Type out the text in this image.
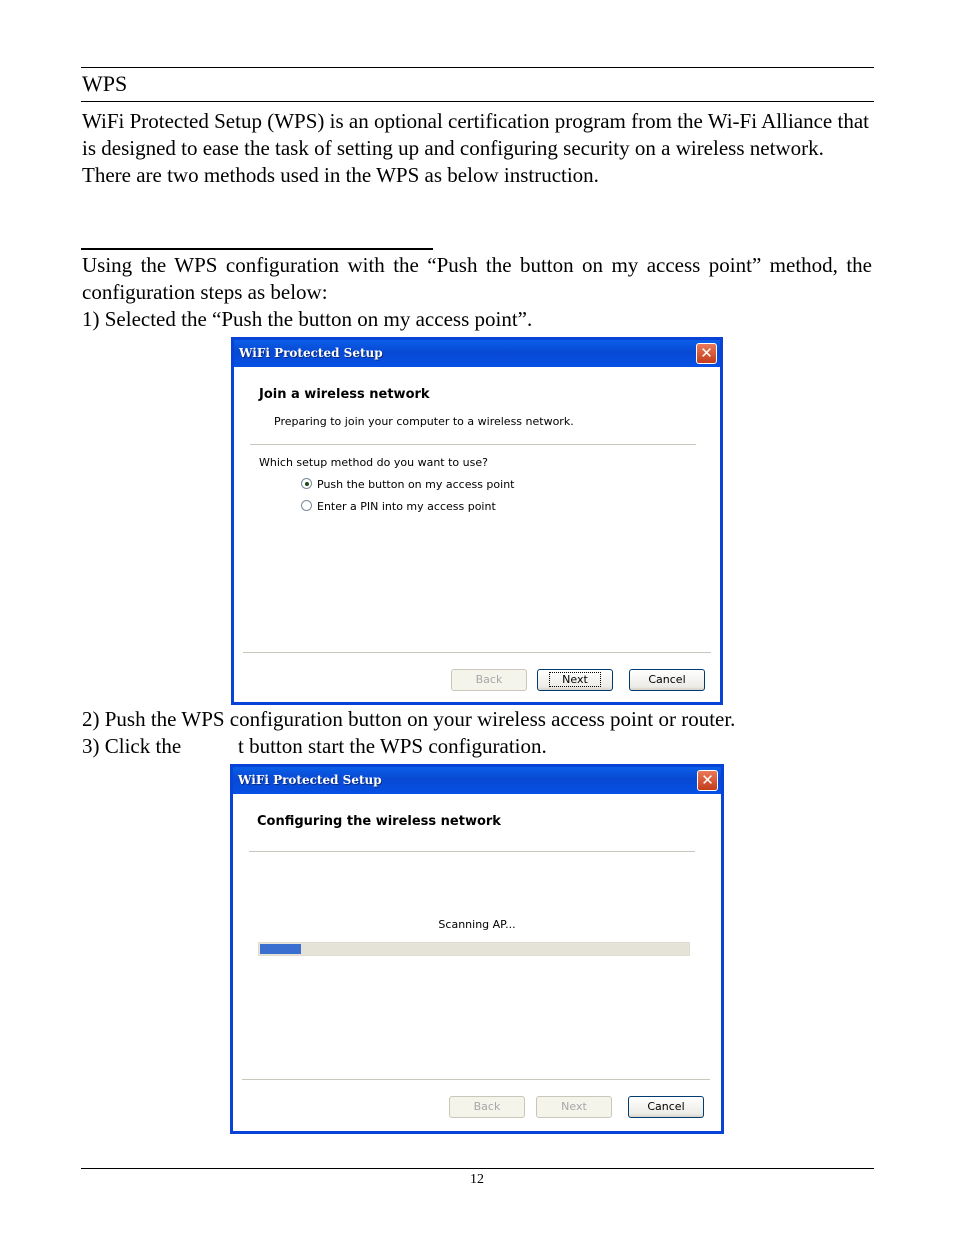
WPS
WiFi Protected Setup (WPS) is an optional certification program from the Wi-Fi Alliance that is designed to ease the task of setting up and configuring security on a wireless network. There are two methods used in the WPS as below instruction.
Using the WPS configuration with the “Push the button on my access point” method, the configuration steps as below:
1) Selected the “Push the button on my access point”.
WiFi Protected Setup	✕
Join a wireless network
Preparing to join your computer to a wireless network.
Which setup method do you want to use?
Push the button on my access point
Enter a PIN into my access point
Back	Next	Cancel
2) Push the WPS configuration button on your wireless access point or router.
3) Click the	t button start the WPS configuration.
WiFi Protected Setup	✕
Configuring the wireless network
Scanning AP...
Back	Next	Cancel
12
